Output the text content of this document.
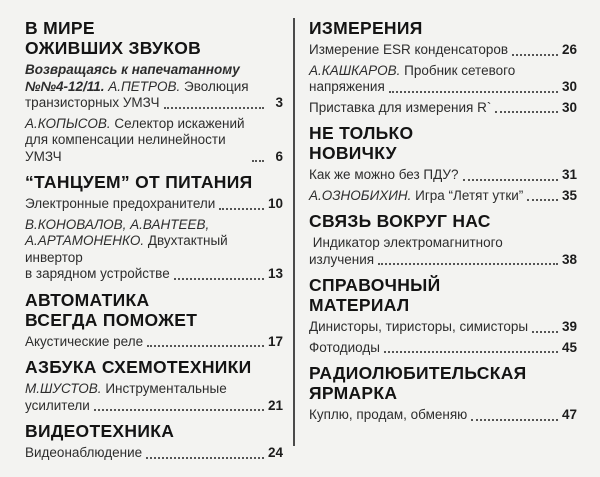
В МИРЕ
ОЖИВШИХ ЗВУКОВ
Возвращаясь к напечатанному
№№4-12/11. А.ПЕТРОВ. Эволюция
транзисторных УМЗЧ	3
А.КОПЫСОВ. Селектор искажений
для компенсации нелинейности УМЗЧ	6
“ТАНЦУЕМ” ОТ ПИТАНИЯ
Электронные предохранители	10
В.КОНОВАЛОВ, А.ВАНТЕЕВ,
А.АРТАМОНЕНКО. Двухтактный инвертор
в зарядном устройстве	13
АВТОМАТИКА
ВСЕГДА ПОМОЖЕТ
Акустические реле	17
АЗБУКА СХЕМОТЕХНИКИ
М.ШУСТОВ. Инструментальные
усилители	21
ВИДЕОТЕХНИКА
Видеонаблюдение	24
ИЗМЕРЕНИЯ
Измерение ESR конденсаторов	26
А.КАШКАРОВ. Пробник сетевого
напряжения	30
Приставка для измерения R`	30
НЕ ТОЛЬКО
НОВИЧКУ
Как же можно без ПДУ?	31
А.ОЗНОБИХИН. Игра “Летят утки”	35
СВЯЗЬ ВОКРУГ НАС
Индикатор электромагнитного
излучения	38
СПРАВОЧНЫЙ
МАТЕРИАЛ
Динисторы, тиристоры, симисторы	39
Фотодиоды	45
РАДИОЛЮБИТЕЛЬСКАЯ
ЯРМАРКА
Куплю, продам, обменяю	47
